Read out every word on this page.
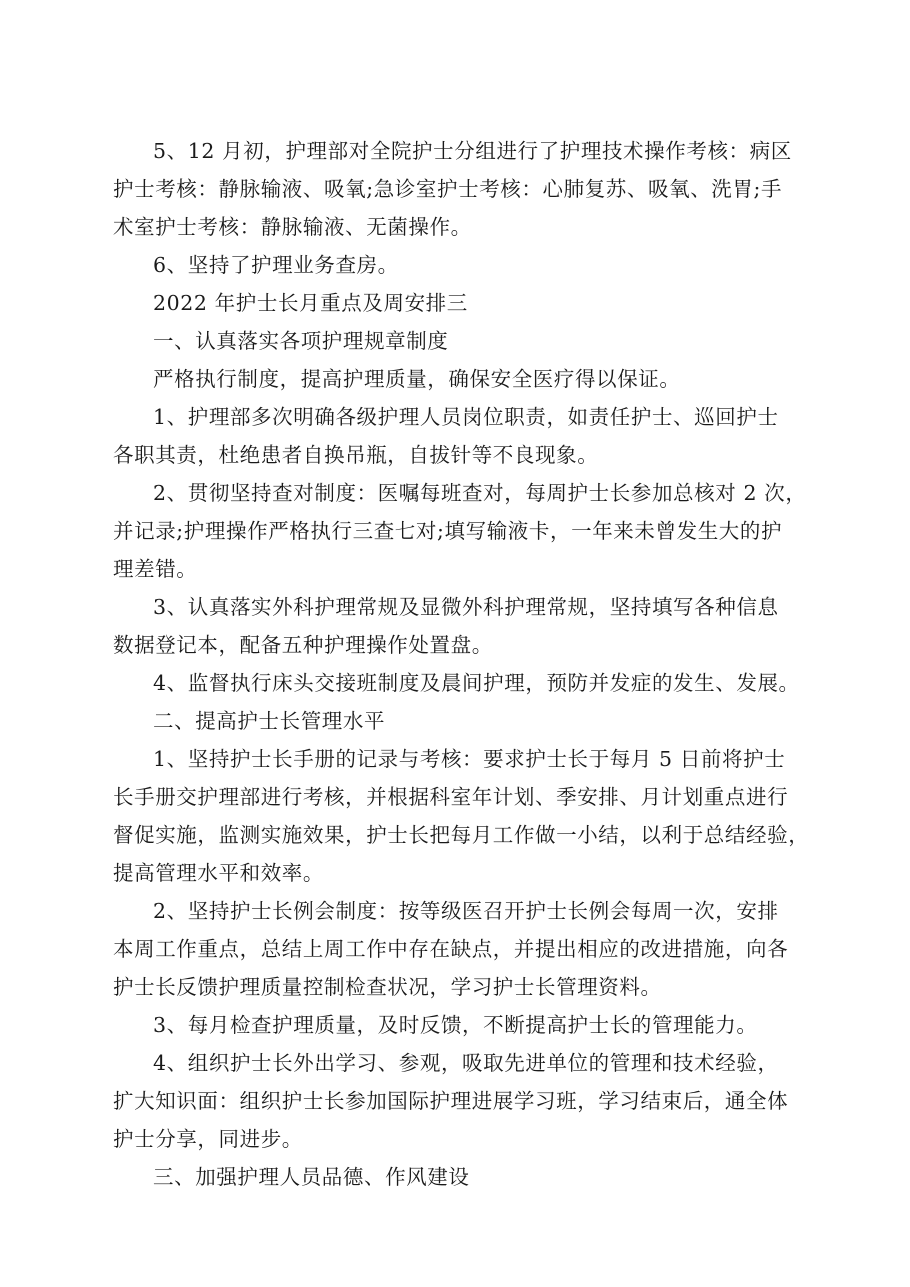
5、12 月初，护理部对全院护士分组进行了护理技术操作考核：病区
护士考核：静脉输液、吸氧;急诊室护士考核：心肺复苏、吸氧、洗胃;手
术室护士考核：静脉输液、无菌操作。
6、坚持了护理业务查房。
2022 年护士长月重点及周安排三
一、认真落实各项护理规章制度
严格执行制度，提高护理质量，确保安全医疗得以保证。
1、护理部多次明确各级护理人员岗位职责，如责任护士、巡回护士
各职其责，杜绝患者自换吊瓶，自拔针等不良现象。
2、贯彻坚持查对制度：医嘱每班查对，每周护士长参加总核对 2 次，
并记录;护理操作严格执行三查七对;填写输液卡，一年来未曾发生大的护
理差错。
3、认真落实外科护理常规及显微外科护理常规，坚持填写各种信息
数据登记本，配备五种护理操作处置盘。
4、监督执行床头交接班制度及晨间护理，预防并发症的发生、发展。
二、提高护士长管理水平
1、坚持护士长手册的记录与考核：要求护士长于每月 5 日前将护士
长手册交护理部进行考核，并根据科室年计划、季安排、月计划重点进行
督促实施，监测实施效果，护士长把每月工作做一小结，以利于总结经验，
提高管理水平和效率。
2、坚持护士长例会制度：按等级医召开护士长例会每周一次，安排
本周工作重点，总结上周工作中存在缺点，并提出相应的改进措施，向各
护士长反馈护理质量控制检查状况，学习护士长管理资料。
3、每月检查护理质量，及时反馈，不断提高护士长的管理能力。
4、组织护士长外出学习、参观，吸取先进单位的管理和技术经验，
扩大知识面：组织护士长参加国际护理进展学习班，学习结束后，通全体
护士分享，同进步。
三、加强护理人员品德、作风建设
